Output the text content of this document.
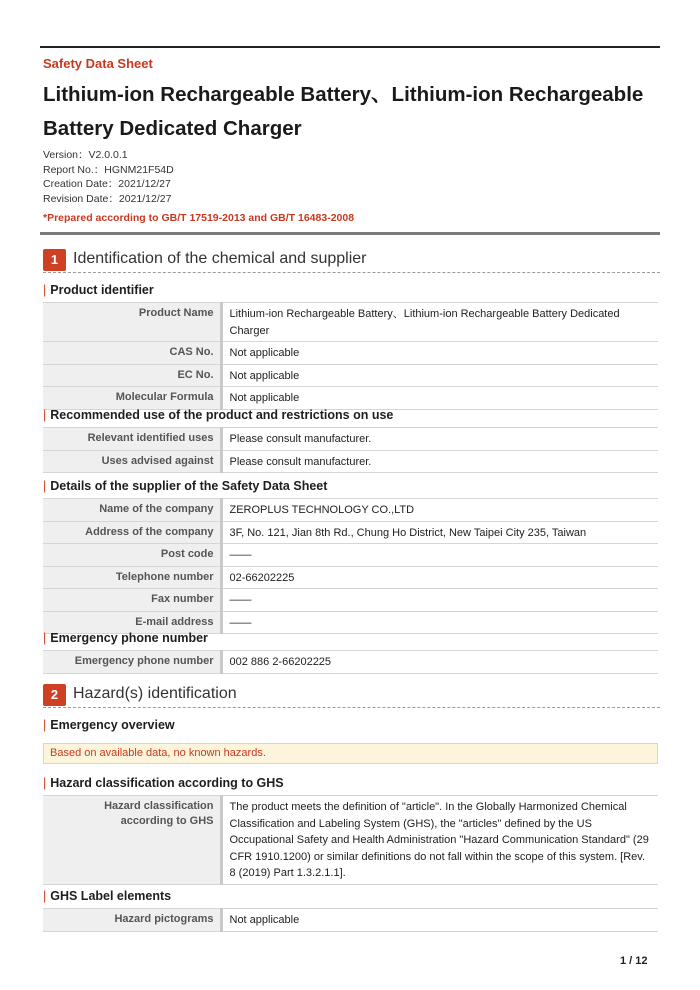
Safety Data Sheet
Lithium-ion Rechargeable Battery、Lithium-ion Rechargeable Battery Dedicated Charger
Version：V2.0.0.1
Report No.：HGNM21F54D
Creation Date：2021/12/27
Revision Date：2021/12/27
*Prepared according to GB/T 17519-2013 and GB/T 16483-2008
1 Identification of the chemical and supplier
| Product identifier
Product Name	Lithium-ion Rechargeable Battery、Lithium-ion Rechargeable Battery Dedicated Charger
CAS No.	Not applicable
EC No.	Not applicable
Molecular Formula	Not applicable
| Recommended use of the product and restrictions on use
Relevant identified uses	Please consult manufacturer.
Uses advised against	Please consult manufacturer.
| Details of the supplier of the Safety Data Sheet
Name of the company	ZEROPLUS TECHNOLOGY CO.,LTD
Address of the company	3F, No. 121, Jian 8th Rd., Chung Ho District, New Taipei City 235, Taiwan
Post code	——
Telephone number	02-66202225
Fax number	——
E-mail address	——
| Emergency phone number
Emergency phone number	002 886 2-66202225
2 Hazard(s) identification
| Emergency overview
Based on available data, no known hazards.
| Hazard classification according to GHS
Hazard classification according to GHS	The product meets the definition of "article". In the Globally Harmonized Chemical Classification and Labeling System (GHS), the "articles" defined by the US Occupational Safety and Health Administration "Hazard Communication Standard" (29 CFR 1910.1200) or similar definitions do not fall within the scope of this system. [Rev. 8 (2019) Part 1.3.2.1.1].
| GHS Label elements
Hazard pictograms	Not applicable
1 / 12
